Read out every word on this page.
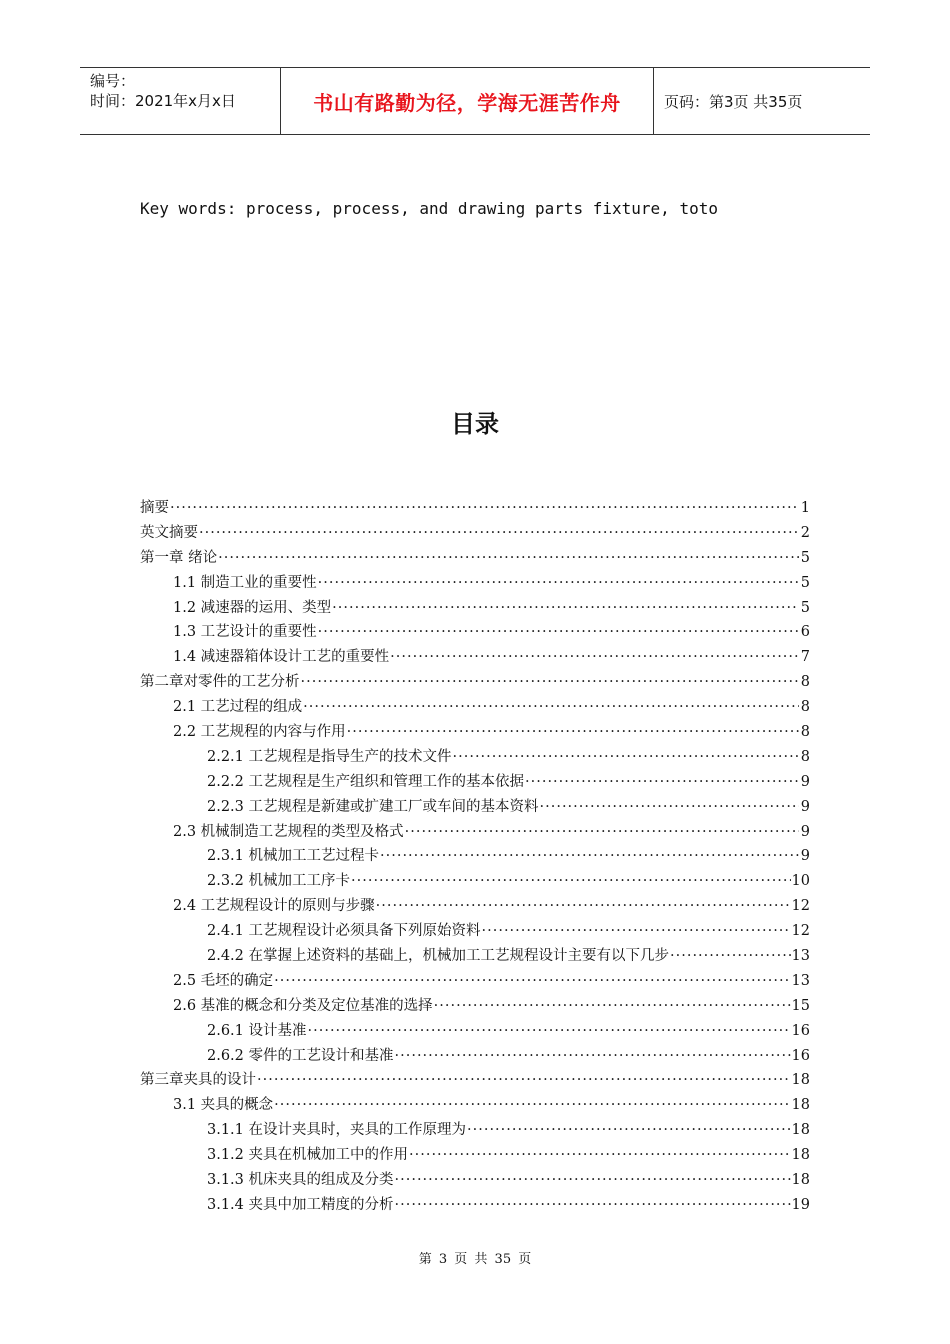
编号：
时间：2021年x月x日	书山有路勤为径，学海无涯苦作舟	页码：第3页 共35页
Key words: process, process, and drawing parts fixture, toto
目录
摘要 ·····	1
英文摘要 ·····	2
第一章 绪论 ·····	5
1.1 制造工业的重要性 ·····	5
1.2 减速器的运用、类型 ·····	5
1.3 工艺设计的重要性 ·····	6
1.4 减速器箱体设计工艺的重要性 ·····	7
第二章对零件的工艺分析 ·····	8
2.1 工艺过程的组成 ·····	8
2.2 工艺规程的内容与作用 ·····	8
2.2.1 工艺规程是指导生产的技术文件 ·····	8
2.2.2 工艺规程是生产组织和管理工作的基本依据 ·····	9
2.2.3 工艺规程是新建或扩建工厂或车间的基本资料 ·····	9
2.3 机械制造工艺规程的类型及格式 ·····	9
2.3.1 机械加工工艺过程卡 ·····	9
2.3.2 机械加工工序卡 ·····	10
2.4 工艺规程设计的原则与步骤 ·····	12
2.4.1 工艺规程设计必须具备下列原始资料 ·····	12
2.4.2 在掌握上述资料的基础上，机械加工工艺规程设计主要有以下几步 ·····	13
2.5 毛坯的确定 ·····	13
2.6 基准的概念和分类及定位基准的选择 ·····	15
2.6.1 设计基准 ·····	16
2.6.2 零件的工艺设计和基准 ·····	16
第三章夹具的设计 ·····	18
3.1 夹具的概念 ·····	18
3.1.1 在设计夹具时，夹具的工作原理为 ·····	18
3.1.2 夹具在机械加工中的作用 ·····	18
3.1.3 机床夹具的组成及分类 ·····	18
3.1.4 夹具中加工精度的分析 ·····	19
第 3 页 共 35 页
